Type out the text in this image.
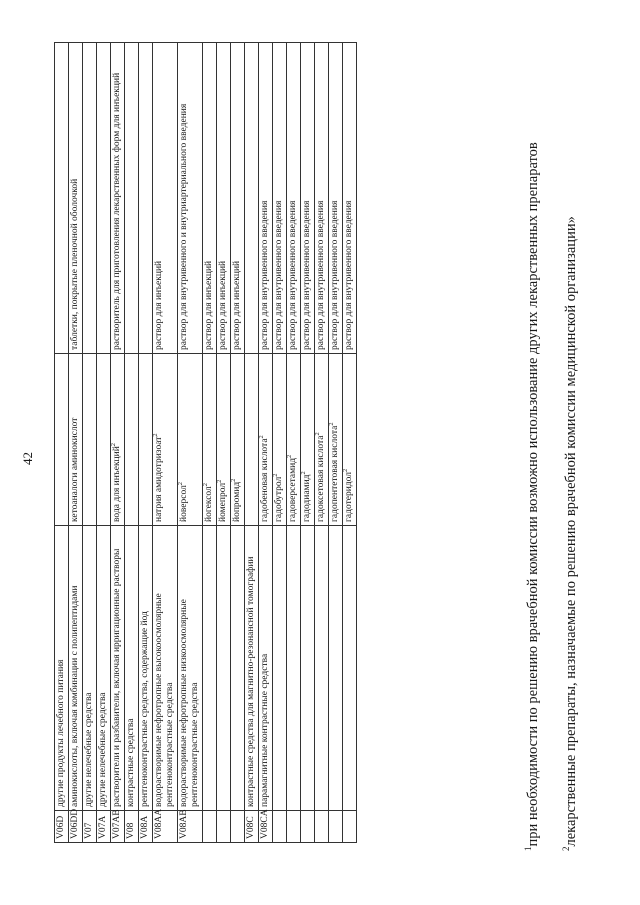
42
V06D	другие продукты лечебного питания		
V06DD	аминокислоты, включая комбинации с полипептидами	кетоаналоги аминокислот	таблетки, покрытые пленочной оболочкой
V07	другие нелечебные средства		
V07A	другие нелечебные средства		
V07AB	растворители и разбавители, включая ирригационные растворы	вода для инъекций$^2$	растворитель для приготовления лекарственных форм для инъекций
V08	контрастные средства		
V08A	рентгеноконтрастные средства, содержащие йод		
V08AA	водорастворимые нефротропные высокоосмолярные рентгеноконтрастные средства	натрия амидотризоат$^2$	раствор для инъекций
V08AB	водорастворимые нефротропные низкоосмолярные рентгеноконтрастные средства	йоверсол$^2$	раствор для внутривенного и внутриартериального введения
		йогексол$^2$	раствор для инъекций
		йомепрол$^2$	раствор для инъекций
		йопромид$^2$	раствор для инъекций
V08C	контрастные средства для магнитно-резонансной томографии		
V08CA	парамагнитные контрастные средства	гадобеновая кислота$^2$	раствор для внутривенного введения
		гадобутрол$^2$	раствор для внутривенного введения
		гадоверсетамид$^2$	раствор для внутривенного введения
		гадодиамид$^2$	раствор для внутривенного введения
		гадоксетовая кислота$^2$	раствор для внутривенного введения
		гадопентетовая кислота$^2$	раствор для внутривенного введения
		гадотеридол$^2$	раствор для внутривенного введения
$^1$при необходимости по решению врачебной комиссии возможно использование других лекарственных препаратов
$^2$лекарственные препараты, назначаемые по решению врачебной комиссии медицинской организации»
